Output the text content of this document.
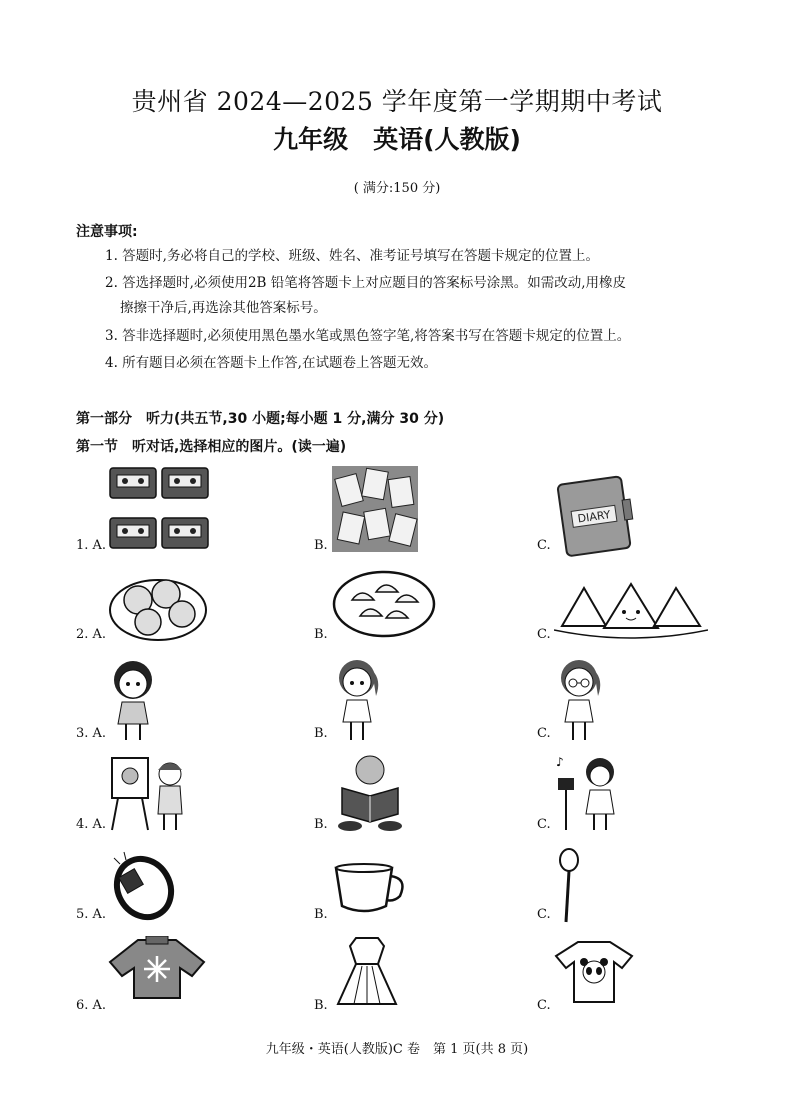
贵州省 2024—2025 学年度第一学期期中考试
九年级　英语(人教版)
( 满分:150 分)
注意事项:
1. 答题时,务必将自己的学校、班级、姓名、准考证号填写在答题卡规定的位置上。
2. 答选择题时,必须使用2B 铅笔将答题卡上对应题目的答案标号涂黑。如需改动,用橡皮
擦擦干净后,再选涂其他答案标号。
3. 答非选择题时,必须使用黑色墨水笔或黑色签字笔,将答案书写在答题卡规定的位置上。
4. 所有题目必须在答题卡上作答,在试题卷上答题无效。
第一部分　听力(共五节,30 小题;每小题 1 分,满分 30 分)
第一节　听对话,选择相应的图片。(读一遍)
1. A.	B.	C.
DIARY
2. A.	B.	C.
3. A.	B.	C.
4. A.	B.	C.
♪
5. A.	B.	C.
6. A.	B.	C.
九年级・英语(人教版)C 卷　第 1 页(共 8 页)
